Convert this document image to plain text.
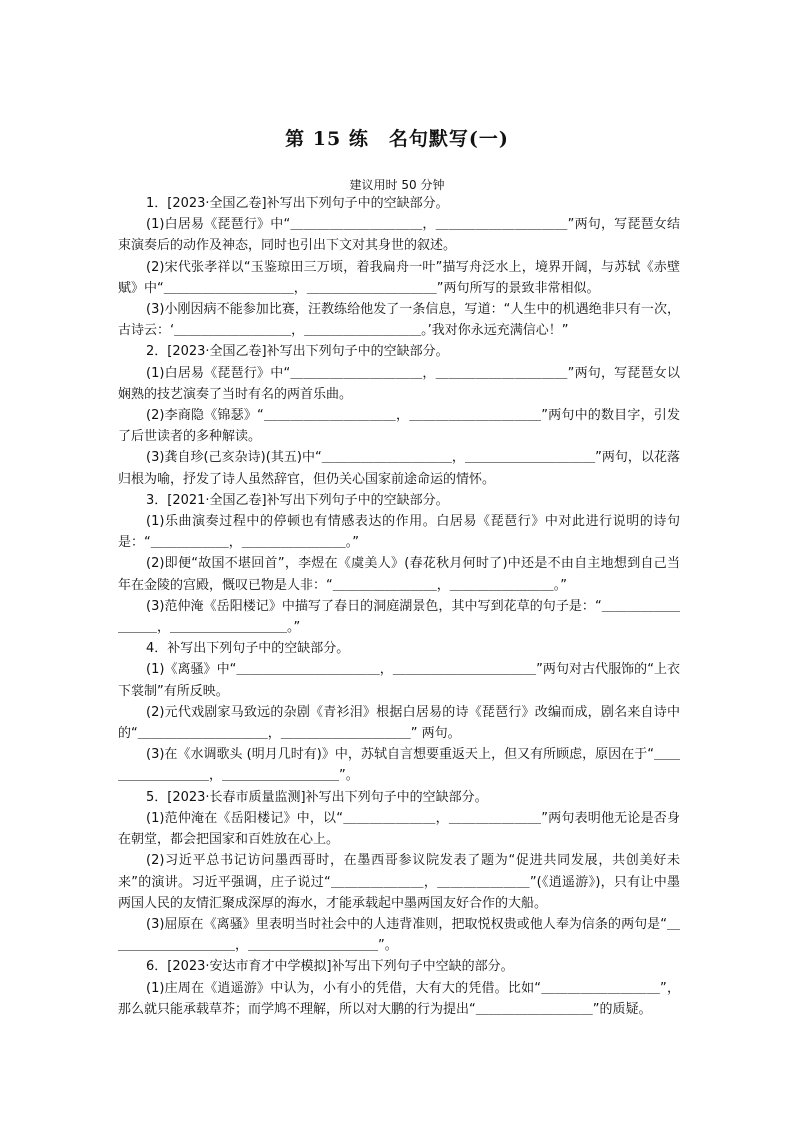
第 15 练　名句默写(一)
建议用时 50 分钟

1．[2023·全国乙卷]补写出下列句子中的空缺部分。

(1)白居易《琵琶行》中“＿＿＿＿＿＿＿＿＿＿，＿＿＿＿＿＿＿＿＿＿”两句，写琵琶女结束演奏后的动作及神态，同时也引出下文对其身世的叙述。

(2)宋代张孝祥以“玉鉴琼田三万顷，着我扁舟一叶”描写舟泛水上，境界开阔，与苏轼《赤壁赋》中“＿＿＿＿＿＿＿＿＿＿，＿＿＿＿＿＿＿＿＿＿”两句所写的景致非常相似。

(3)小刚因病不能参加比赛，汪教练给他发了一条信息，写道：“人生中的机遇绝非只有一次，古诗云：‘＿＿＿＿＿＿＿＿＿，＿＿＿＿＿＿＿＿＿。’我对你永远充满信心！”

2．[2023·全国乙卷]补写出下列句子中的空缺部分。

(1)白居易《琵琶行》中“＿＿＿＿＿＿＿＿＿＿，＿＿＿＿＿＿＿＿＿＿”两句，写琵琶女以娴熟的技艺演奏了当时有名的两首乐曲。

(2)李商隐《锦瑟》“＿＿＿＿＿＿＿＿＿＿，＿＿＿＿＿＿＿＿＿＿”两句中的数目字，引发了后世读者的多种解读。

(3)龚自珍(己亥杂诗)(其五)中“＿＿＿＿＿＿＿＿＿＿，＿＿＿＿＿＿＿＿＿＿”两句，以花落归根为喻，抒发了诗人虽然辞官，但仍关心国家前途命运的情怀。

3．[2021·全国乙卷]补写出下列句子中的空缺部分。

(1)乐曲演奏过程中的停顿也有情感表达的作用。白居易《琵琶行》中对此进行说明的诗句是：“＿＿＿＿＿＿，＿＿＿＿＿＿＿＿。”

(2)即便“故国不堪回首”，李煜在《虞美人》(春花秋月何时了)中还是不由自主地想到自己当年在金陵的宫殿，慨叹已物是人非：“＿＿＿＿＿＿＿＿，＿＿＿＿＿＿＿＿。”

(3)范仲淹《岳阳楼记》中描写了春日的洞庭湖景色，其中写到花草的句子是：“＿＿＿＿＿＿＿＿＿，＿＿＿＿＿＿＿＿＿。”

4．补写出下列句子中的空缺部分。

(1)《离骚》中“＿＿＿＿＿＿＿＿＿＿＿，＿＿＿＿＿＿＿＿＿＿＿”两句对古代服饰的“上衣下裳制”有所反映。

(2)元代戏剧家马致远的杂剧《青衫泪》根据白居易的诗《琵琶行》改编而成，剧名来自诗中的“＿＿＿＿＿＿＿＿＿＿，＿＿＿＿＿＿＿＿＿＿” 两句。

(3)在《水调歌头 (明月几时有)》中，苏轼自言想要重返天上，但又有所顾虑，原因在于“＿＿＿＿＿＿＿＿＿，＿＿＿＿＿＿＿＿＿”。

5．[2023·长春市质量监测]补写出下列句子中的空缺部分。

(1)范仲淹在《岳阳楼记》中，以“＿＿＿＿＿＿＿，＿＿＿＿＿＿＿”两句表明他无论是否身在朝堂，都会把国家和百姓放在心上。

(2)习近平总书记访问墨西哥时，在墨西哥参议院发表了题为“促进共同发展，共创美好未来”的演讲。习近平强调，庄子说过“＿＿＿＿＿＿＿，＿＿＿＿＿＿＿”(《逍遥游》)，只有让中墨两国人民的友情汇聚成深厚的海水，才能承载起中墨两国友好合作的大船。

(3)屈原在《离骚》里表明当时社会中的人违背准则，把取悦权贵或他人奉为信条的两句是“＿＿＿＿＿＿＿＿＿＿，＿＿＿＿＿＿＿＿＿＿”。

6．[2023·安达市育才中学模拟]补写出下列句子中空缺的部分。

(1)庄周在《逍遥游》中认为，小有小的凭借，大有大的凭借。比如“＿＿＿＿＿＿＿＿＿”，那么就只能承载草芥；而学鸠不理解，所以对大鹏的行为提出“＿＿＿＿＿＿＿＿＿”的质疑。
